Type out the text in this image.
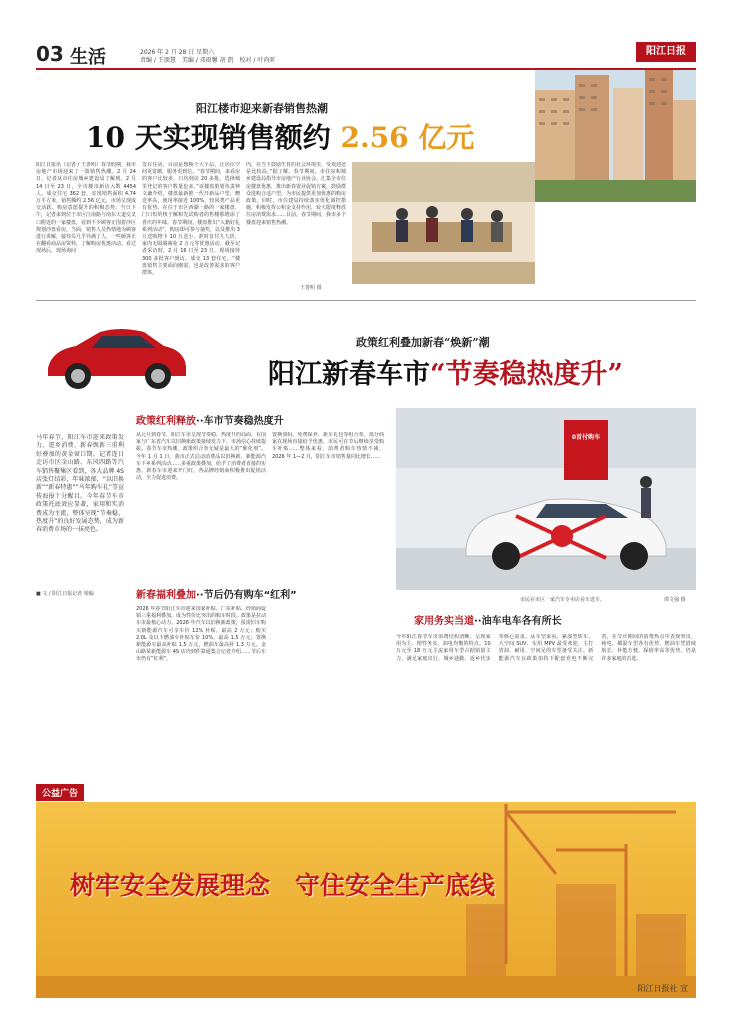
03 生活	2026 年 2 月 28 日 星期六
责编 / 王颂慧　美编 / 邓雨馨 胡 凯　校对 / 叶尚昕
阳江日报
阳江楼市迎来新春销售热潮
10 天实现销售额约 2.56 亿元
阳江日报讯（记者 / 王善明）春节假期，我市房地产市场迎来了一波销售热潮。2 月 24 日，记者从市住房城乡建设局了解到，2 月 14 日至 23 日，全市楼市新访入数 4454 人，成交住宅 362 套，实现销售面积 4.74 万平方米，销售额约 2.56 亿元，市场呈现成交活跃、购房意愿提升的积极态势。当日下午，记者来到位于市区江南路与南东大道交叉口附近的一家楼盘，看到不少顾客正围着沙区规划沙盘看房。当面，销售人员热情地为顾客进行讲解，接待员几乎异满了人，一些顾客正在翻看商品房资料，了解购房优惠活动。看过现场后，现场询问
签有住房，目前是想换个大平层，让居住空间更宽敞，服务更到位。“春节期间，来看房的客户比较多，日均到访 20 多批。选择城里登记的客户数量也多。”该楼盘策划负责钟文谦介绍，楼盘最新推一代开新品户型，赠送率高，使用率接近 100%，较同类产品更有优势。在位于市区西湖一路的一家楼盘，门口短的核于解和先试购者的售楼那增添了喜庆的年味。春节期间，楼盘推出“入籍好礼系列活动”，购房即可参与抽奖，以及推出 3 万送购物卡 10 万送小，准时首付九九折，家内无隔墙减免 2 万元等优惠活动。截至记者采访时，2 月 16 日至 23 日，现场接待 300 多批客户到访，成交 13 套住宅。“楼盘销售主要面向刚需，也是改善需求的客户群体。
内，在当下鼓励生育的社会环境里，受欢迎还是比较高。”据了解，春节期间，市住房和城乡建设局指导市房地产行业协会、汇集全市住房楼盘优惠，推出新春置业促销方案，鼓励群众选购合适户型，为市民提供更加优惠的购房政策。同时，市住建局持续落实优化调控措施，积极发挥公积金支持作用，较大限度释放住房消费需求……目前，春节期间，我市多个楼盘迎来销售热潮。
王善明 摄
政策红利叠加新春“焕新”潮
阳江新春车市“节奏稳热度升”
马年春节，阳江车市迎来政策发力、逛乡消费、新春焕新三重利好叠加的黄金窗口期。记者连日走访市区金山路、东风四路等汽车销售聚集区看到，各大品牌 4S 店张灯结彩、年味浓郁，“以旧换新”“新春特惠”“马年购车礼”等宣传海报十分醒目。今年春节车市政策托底效应显著，家用和实消费成为主流，整体呈现“节奏稳、热度升”的良好发展态势，成为新春消费市场的一抹亮色。
■ 文 / 阳江日报记者 梁翰
政策红利释放··车市节奏稳热度升
从元旦到春节，阳江车市呈现节奏稳、热度升的局面。在国家与广东省汽车以旧换新政策接续发力下，市场信心持续提振。春节车市热潮，政策组合拳无疑是最大的“催化剂”。今年 1 月 1 日，我市正式启动消费品以旧换新、新能源汽车下乡系列活动……多重政策叠加，给予了消费者直接的实惠。新春车市迎来开门红，各品牌经销商积极推出促销活动，全力促进消费。
置换加码，免费保养、新车礼包等组合拳。部分商家在现场直接给予优惠，市民可在节后继续享受购车补贴……整体来看，消费者购车热情不减，2026 年 1—2 月，阳江车市销售量同比增长……
0首付购车
市民在市区一家汽车专卖店看车选车。	谭文强 摄
新春福利叠加··节后仍有购车“红利”
2026 年春节阳江车市迎来国家补贴、广东补贴、经销商促销三重福利叠加，成为性价比突出的购车时段。政策是拉动车市最核心动力。2026 年汽车以旧换新政策，报废旧车购买新能源汽车可享车价 12% 补贴，最高 2 万元；购买 2.0L 及以下燃油车补贴车价 10%，最高 1.5 万元；置换新能源车最高补贴 1.5 万元，燃油车最高补 1.3 万元。金山路某新能源车 4S 店内到件算通集合记者介绍……节后车市仍有“红利”。
家用务实当道··油车电车各有所长
今年阳江春节车市消费结构清晰，呈现家用为主、理性务实、油电均衡的特点。10 万元至 18 万元主流家用车型占据销量主力，满足家庭出行、城乡通勤、返乡代步等核心需求。从车型来看，紧凑型轿车、大空间 SUV、实用 MPV 最受欢迎，主打省油、耐用、空间足的车型备受关注。新能源汽车在政策加持下配套充电不断完善，在节庆期间的消费热点中表现突出，纯电、插混车型各有优势。燃油车凭借续航长、补能方便、保值率高等优势，仍是许多家庭的首选。
公益广告
树牢安全发展理念　守住安全生产底线
阳江日报社 宣
